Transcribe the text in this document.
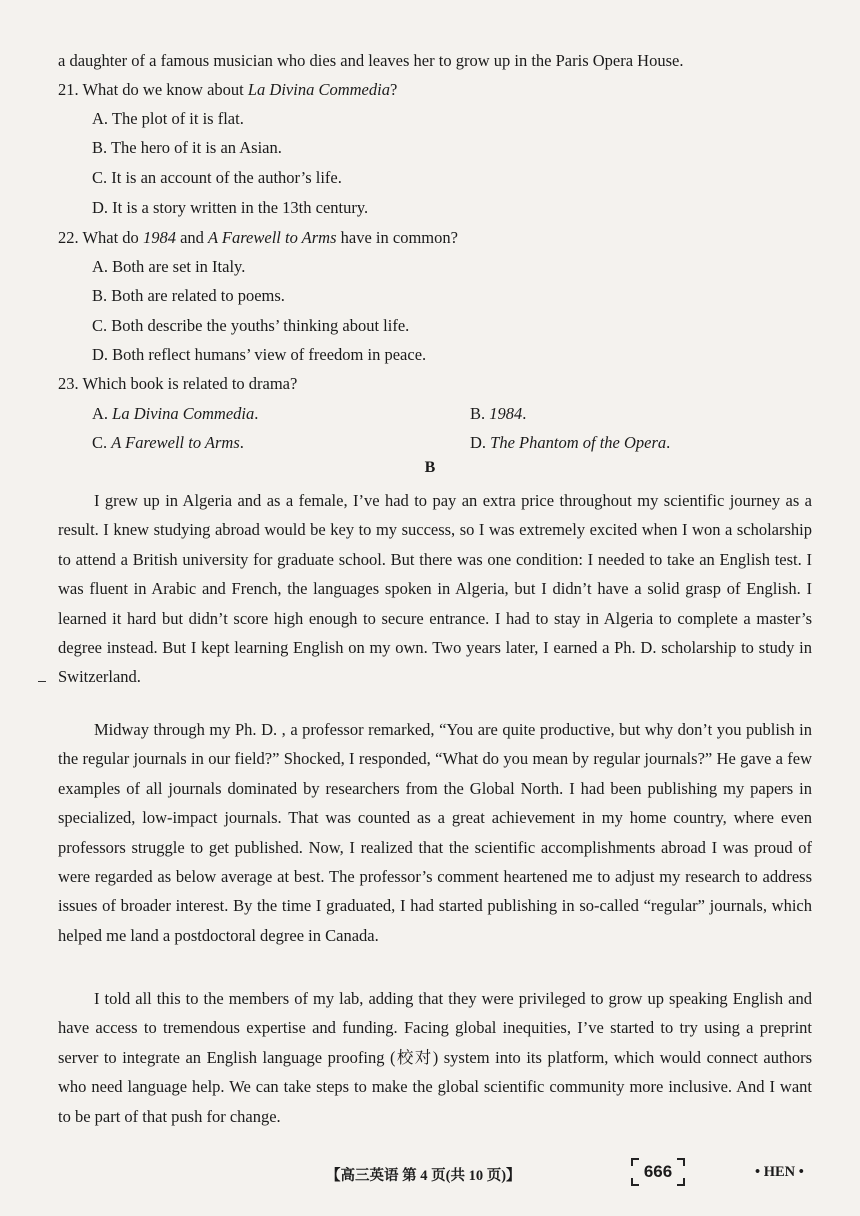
a daughter of a famous musician who dies and leaves her to grow up in the Paris Opera House.
21. What do we know about La Divina Commedia?
A. The plot of it is flat.
B. The hero of it is an Asian.
C. It is an account of the author’s life.
D. It is a story written in the 13th century.
22. What do 1984 and A Farewell to Arms have in common?
A. Both are set in Italy.
B. Both are related to poems.
C. Both describe the youths’ thinking about life.
D. Both reflect humans’ view of freedom in peace.
23. Which book is related to drama?
A. La Divina Commedia.	B. 1984.
C. A Farewell to Arms.	D. The Phantom of the Opera.
B

I grew up in Algeria and as a female, I’ve had to pay an extra price throughout my scientific journey as a result. I knew studying abroad would be key to my success, so I was extremely excited when I won a scholarship to attend a British university for graduate school. But there was one condition: I needed to take an English test. I was fluent in Arabic and French, the languages spoken in Algeria, but I didn’t have a solid grasp of English. I learned it hard but didn’t score high enough to secure entrance. I had to stay in Algeria to complete a master’s degree instead. But I kept learning English on my own. Two years later, I earned a Ph. D. scholarship to study in Switzerland.

Midway through my Ph. D. , a professor remarked, “You are quite productive, but why don’t you publish in the regular journals in our field?” Shocked, I responded, “What do you mean by regular journals?” He gave a few examples of all journals dominated by researchers from the Global North. I had been publishing my papers in specialized, low-impact journals. That was counted as a great achievement in my home country, where even professors struggle to get published. Now, I realized that the scientific accomplishments abroad I was proud of were regarded as below average at best. The professor’s comment heartened me to adjust my research to address issues of broader interest. By the time I graduated, I had started publishing in so-called “regular” journals, which helped me land a postdoctoral degree in Canada.

I told all this to the members of my lab, adding that they were privileged to grow up speaking English and have access to tremendous expertise and funding. Facing global inequities, I’ve started to try using a preprint server to integrate an English language proofing (校对) system into its platform, which would connect authors who need language help. We can take steps to make the global scientific community more inclusive. And I want to be part of that push for change.

【高三英语 第 4 页(共 10 页)】	666	• HEN •
